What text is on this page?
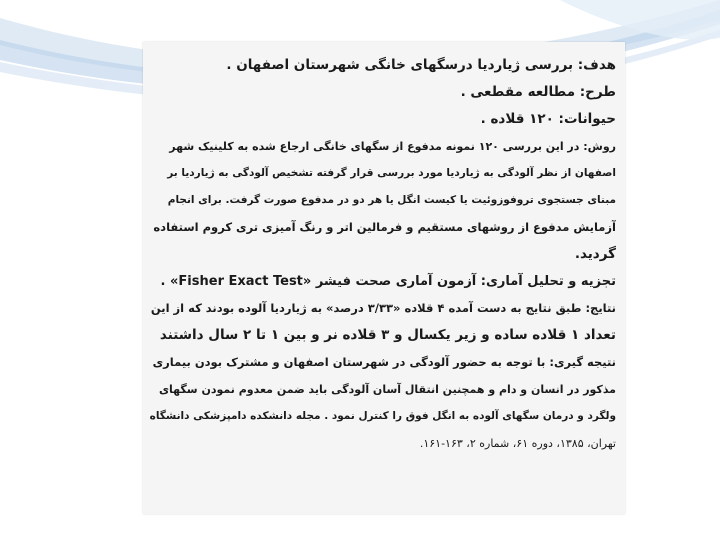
هدف: بررسی ژیاردیا درسگهای خانگی شهرستان اصفهان .
طرح: مطالعه مقطعی .
حیوانات: ۱۲۰ قلاده .
روش: در این بررسی ۱۲۰ نمونه مدفوع از سگهای خانگی ارجاع شده به کلینیک شهر
اصفهان از نظر آلودگی به ژیاردیا مورد بررسی قرار گرفته تشخیص آلودگی به ژیاردیا بر
مبنای جستجوی تروفوزوئیت یا کیست انگل یا هر دو در مدفوع صورت گرفت. برای انجام
آزمایش مدفوع از روشهای مستقیم و فرمالین اتر و رنگ آمیزی تری کروم استفاده
گردید.
تجزیه و تحلیل آماری: آزمون آماری صحت فیشر «Fisher Exact Test» .
نتایج: طبق نتایج به دست آمده ۴ قلاده «۳/۳۳ درصد» به ژیاردیا آلوده بودند که از این
تعداد ۱ قلاده ساده و زیر یکسال و ۳ قلاده نر و بین ۱ تا ۲ سال داشتند
نتیجه گیری: با توجه به حضور آلودگی در شهرستان اصفهان و مشترک بودن بیماری
مذکور در انسان و دام و همچنین انتقال آسان آلودگی باید ضمن معدوم نمودن سگهای
ولگرد و درمان سگهای آلوده به انگل فوق را کنترل نمود . مجله دانشکده دامپزشکی دانشگاه
تهران، ۱۳۸۵، دوره ۶۱، شماره ۲، ۱۶۳-۱۶۱.
